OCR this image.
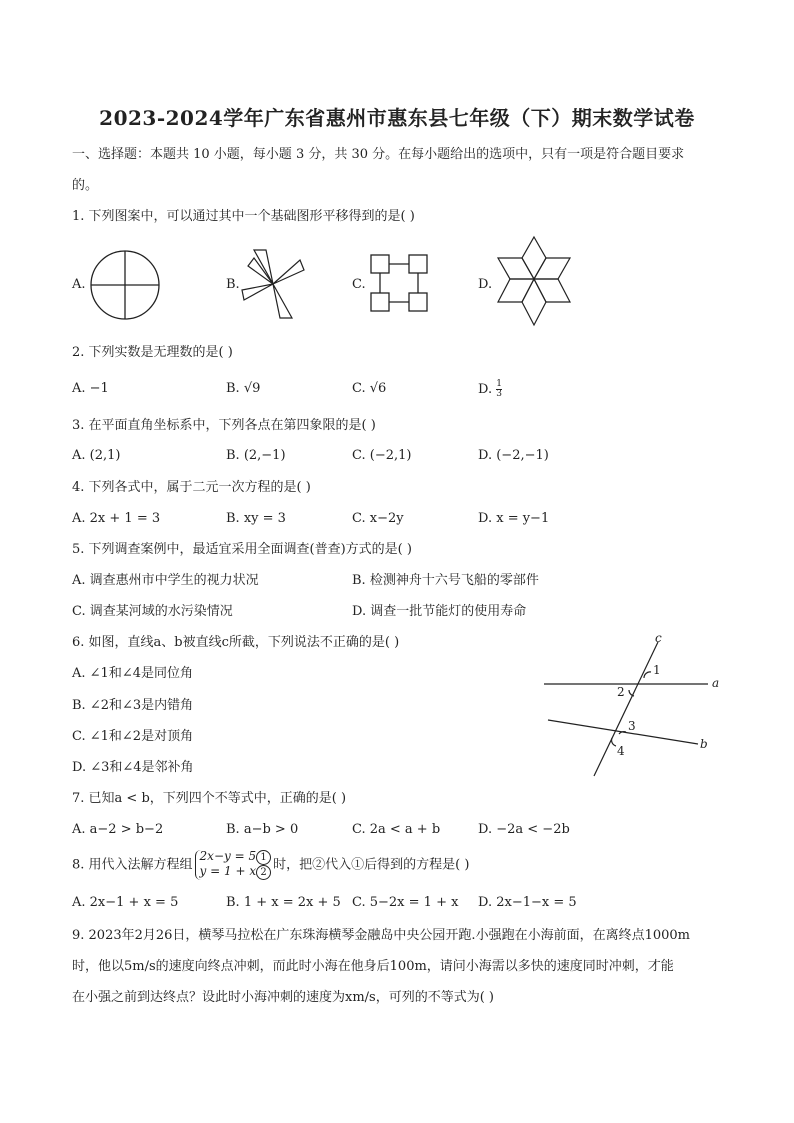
2023-2024学年广东省惠州市惠东县七年级（下）期末数学试卷
一、选择题：本题共 10 小题，每小题 3 分，共 30 分。在每小题给出的选项中，只有一项是符合题目要求
的。
1. 下列图案中，可以通过其中一个基础图形平移得到的是( )
A.	B.	C.	D.
2. 下列实数是无理数的是( )
A. −1	B. √9	C. √6	D. $\frac{1}{3}$
3. 在平面直角坐标系中，下列各点在第四象限的是( )
A. (2,1)	B. (2,−1)	C. (−2,1)	D. (−2,−1)
4. 下列各式中，属于二元一次方程的是( )
A. 2x + 1 = 3	B. xy = 3	C. x−2y	D. x = y−1
5. 下列调查案例中，最适宜采用全面调查(普查)方式的是( )
A. 调查惠州市中学生的视力状况	B. 检测神舟十六号飞船的零部件
C. 调查某河域的水污染情况	D. 调查一批节能灯的使用寿命
6. 如图，直线a、b被直线c所截，下列说法不正确的是( )
A. ∠1和∠4是同位角
B. ∠2和∠3是内错角
C. ∠1和∠2是对顶角
D. ∠3和∠4是邻补角
c
1
2
a
3
4	b
7. 已知a < b，下列四个不等式中，正确的是( )
A. a−2 > b−2	B. a−b > 0	C. 2a < a + b	D. −2a < −2b
8. 用代入法解方程组2x−y = 5 1
y = 1 + x 2 时，把②代入①后得到的方程是( )
A. 2x−1 + x = 5	B. 1 + x = 2x + 5 C. 5−2x = 1 + x D. 2x−1−x = 5
9. 2023年2月26日，横琴马拉松在广东珠海横琴金融岛中央公园开跑.小强跑在小海前面，在离终点1000m
时，他以5m/s的速度向终点冲刺，而此时小海在他身后100m，请问小海需以多快的速度同时冲刺，才能
在小强之前到达终点？设此时小海冲刺的速度为xm/s，可列的不等式为( )
